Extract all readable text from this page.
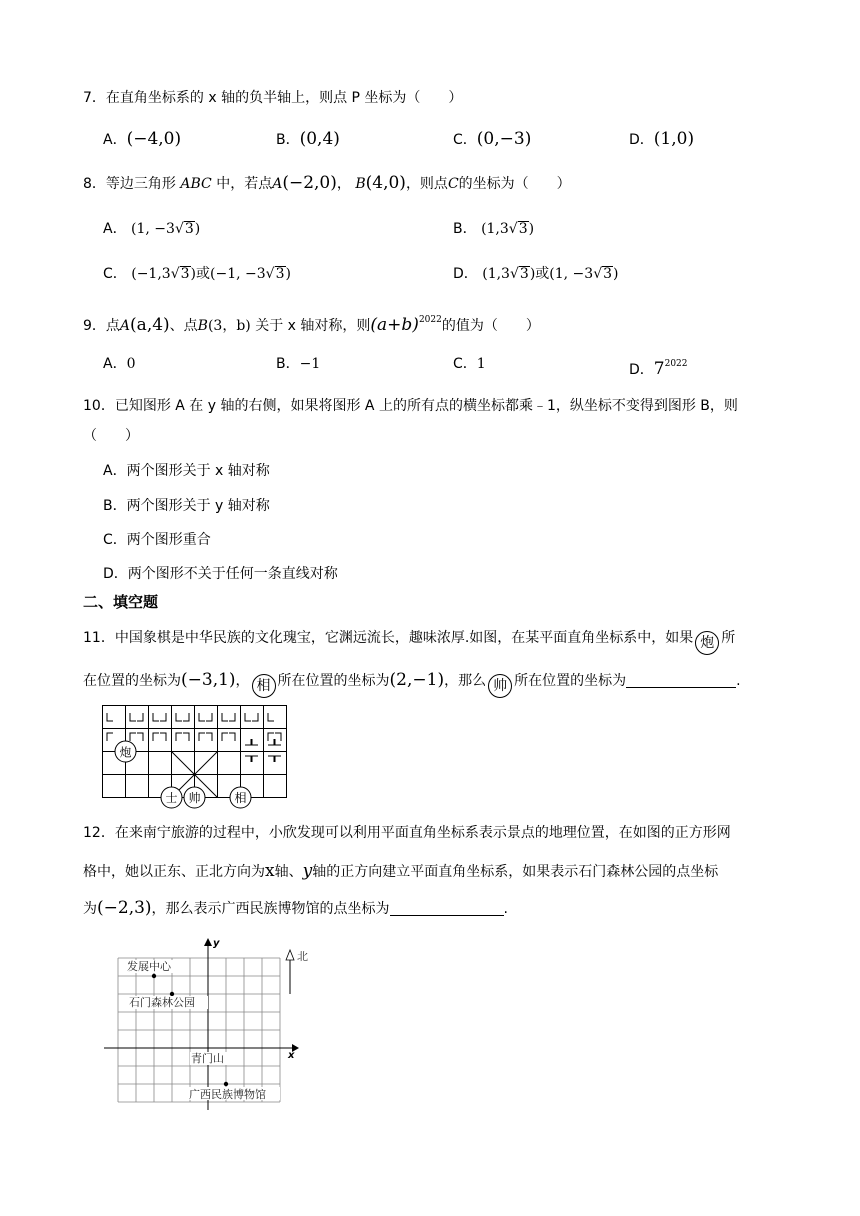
7．在直角坐标系的 x 轴的负半轴上，则点 P 坐标为（　　）
A．(−4,0)	B．(0,4)	C．(0,−3)	D．(1,0)
8．等边三角形 ABC 中，若点A(−2,0)， B(4,0)，则点C的坐标为（　　）
A． (1, −3√3)	B． (1,3√3)
C． (−1,3√3)或(−1, −3√3)	D． (1,3√3)或(1, −3√3)
9．点A(a,4)、点B(3，b) 关于 x 轴对称，则$(a+b)^{2022}$的值为（　　）
A．0	B．−1	C．1	D．$7^{2022}$
10．已知图形 A 在 y 轴的右侧，如果将图形 A 上的所有点的横坐标都乘﹣1，纵坐标不变得到图形 B，则
（　　）
A．两个图形关于 x 轴对称
B．两个图形关于 y 轴对称
C．两个图形重合
D．两个图形不关于任何一条直线对称
二、填空题
11．中国象棋是中华民族的文化瑰宝，它渊远流长，趣味浓厚.如图，在某平面直角坐标系中，如果 炮 所
在位置的坐标为(−3,1)， 相 所在位置的坐标为(2,−1)，那么 帅 所在位置的坐标为	.
炮
士 帅	相
12．在来南宁旅游的过程中，小欣发现可以利用平面直角坐标系表示景点的地理位置，在如图的正方形网
格中，她以正东、正北方向为x轴、y轴的正方向建立平面直角坐标系，如果表示石门森林公园的点坐标
为(−2,3)，那么表示广西民族博物馆的点坐标为	.
x
y
北
发展中心
石门森林公园
青门山
广西民族博物馆
